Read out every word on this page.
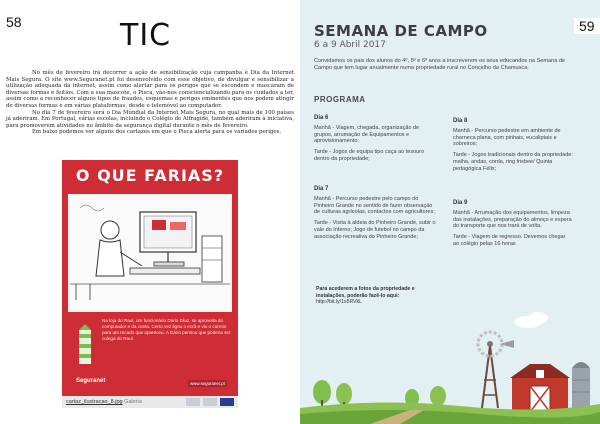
58	TIC

No mês de fevereiro irá decorrer a ação de sensibilização cuja campanha é Dia da Internet Mais Segura. O site www.Seguranet.pt foi desenvolvido com esse objetivo, de divulgar e sensibilizar a utilização adequada da internet, assim como alertar para os perigos que se escondem e mascaram de diversas formas e feitios. Com a sua mascote, o Pisca, vão-nos consciencializando para os cuidados a ter, assim como a reconhecer alguns tipos de fraudes, esquemas e perigos eminentes que nos podem atingir de diversas formas e em várias plataformas, desde o telemóvel ao computador.

No dia 7 de fevereiro será o Dia Mundial da Internet Mais Segura, no qual mais de 100 países já aderiram. Em Portugal, várias escolas, incluindo o Colégio de Alfragide, também aderiram à iniciativa, para promoverem atividades no âmbito da segurança digital durante o mês de fevereiro.

Em baixo podemos ver alguns dos cartazes em que o Pisca alerta para os variados perigos.

O QUE FARIAS?
Na loja do Raul, um funcionário Dário Díaz, se aproveita do computador e da conta. Certo vez ligou o ecrã e viu o correio para um recado que apareceu. A Dário pensou que poderia ser colega do Raul.
Seguranet	www.seguranet.pt
cartaz_ilustracao_8.jpg Galeria
59
SEMANA DE CAMPO
6 a 9 Abril 2017
Convidamos os pais dos alunos do 4º, 5º e 6º anos a inscreverem os seus educandos na Semana de Campo que tem lugar anualmente numa propriedade rural no Concelho da Chamusca.
PROGRAMA
Dia 6

Manhã - Viagem, chegada, organização de grupos, arrumação de Equipamentos e aprovisionamento;

Tarde - Jogos de equipa tipo caça ao tesouro dentro da propriedade;

Dia 7

Manhã - Percurso pedestre pelo campo do Pinheiro Grande no sentido de fazer observação de culturas agrícolas, contactos com agricultores;

Tarde - Visita à aldeia do Pinheiro Grande, subir o vale do Inferno; Jogo de futebol no campo da associação recreativa do Pinheiro Grande;

Dia 8

Manhã - Percurso pedestre em ambiente de charneca plana, com pinhais, eucaliptais e sobreiros;

Tarde - Jogos tradicionais dentro da propriedade: malha, andas, corda, ring frisbee/ Quinta pedagógica Félix;

Dia 9

Manhã - Arrumação dos equipamentos, limpeza das instalações, preparação do almoço e espera do transporte que nos trará de volta.

Tarde - Viagem de regresso. Devemos chegar ao colégio pelas 16 horas

Para acederem a fotos da propriedade e instalações, poderão fazê-lo aqui:
http://bit.ly/1s5RVkL
